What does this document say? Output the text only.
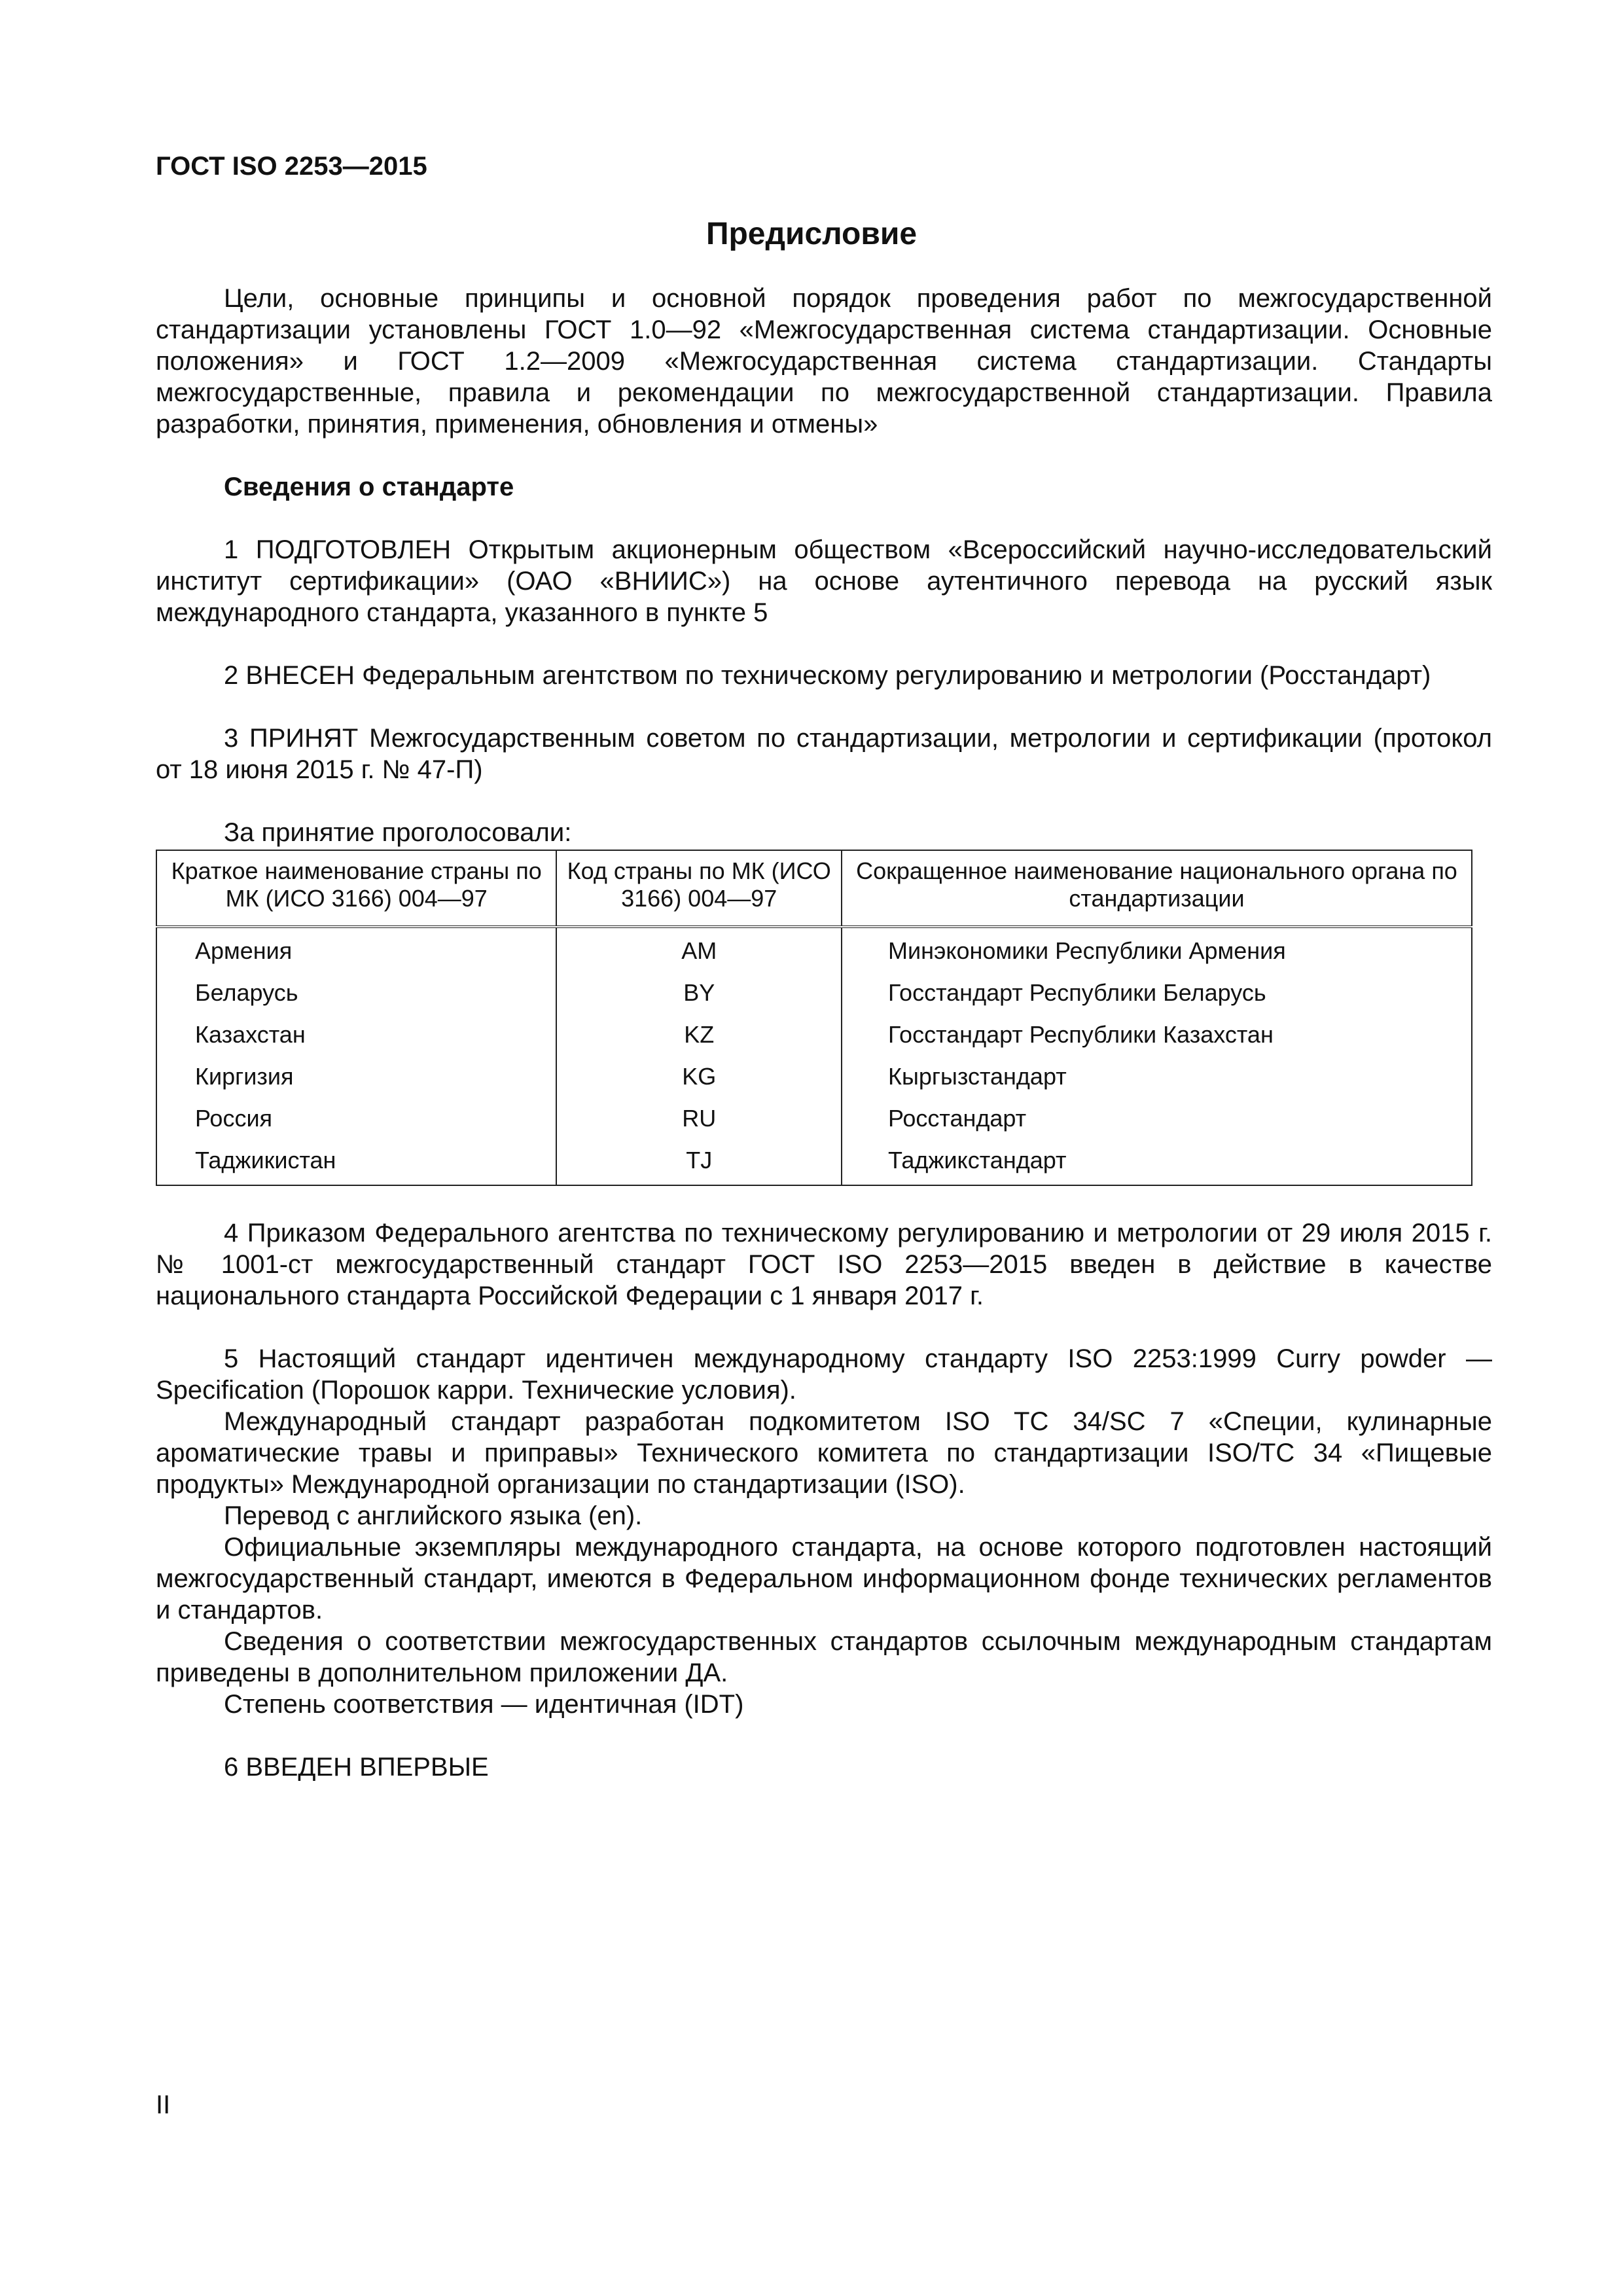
ГОСТ ISO 2253—2015
Предисловие

Цели, основные принципы и основной порядок проведения работ по межгосударственной стандартизации установлены ГОСТ 1.0—92 «Межгосударственная система стандартизации. Основные положения» и ГОСТ 1.2—2009 «Межгосударственная система стандартизации. Стандарты межгосударственные, правила и рекомендации по межгосударственной стандартизации. Правила разработки, принятия, применения, обновления и отмены»

Сведения о стандарте

1 ПОДГОТОВЛЕН Открытым акционерным обществом «Всероссийский научно-исследовательский институт сертификации» (ОАО «ВНИИС») на основе аутентичного перевода на русский язык международного стандарта, указанного в пункте 5

2 ВНЕСЕН Федеральным агентством по техническому регулированию и метрологии (Росстандарт)

3 ПРИНЯТ Межгосударственным советом по стандартизации, метрологии и сертификации (протокол от 18 июня 2015 г. № 47-П)

За принятие проголосовали:

Краткое наименование страны по МК (ИСО 3166) 004—97	Код страны по МК (ИСО 3166) 004—97	Сокращенное наименование национального органа по стандартизации
Армения	AM	Минэкономики Республики Армения
Беларусь	BY	Госстандарт Республики Беларусь
Казахстан	KZ	Госстандарт Республики Казахстан
Киргизия	KG	Кыргызстандарт
Россия	RU	Росстандарт
Таджикистан	TJ	Таджикстандарт

4 Приказом Федерального агентства по техническому регулированию и метрологии от 29 июля 2015 г. № 1001-ст межгосударственный стандарт ГОСТ ISO 2253—2015 введен в действие в качестве национального стандарта Российской Федерации с 1 января 2017 г.

5 Настоящий стандарт идентичен международному стандарту ISO 2253:1999 Curry powder — Specification (Порошок карри. Технические условия).

Международный стандарт разработан подкомитетом ISO TC 34/SC 7 «Специи, кулинарные ароматические травы и приправы» Технического комитета по стандартизации ISO/TC 34 «Пищевые продукты» Международной организации по стандартизации (ISO).

Перевод с английского языка (en).

Официальные экземпляры международного стандарта, на основе которого подготовлен настоящий межгосударственный стандарт, имеются в Федеральном информационном фонде технических регламентов и стандартов.

Сведения о соответствии межгосударственных стандартов ссылочным международным стандартам приведены в дополнительном приложении ДА.

Степень соответствия — идентичная (IDT)

6 ВВЕДЕН ВПЕРВЫЕ

II
